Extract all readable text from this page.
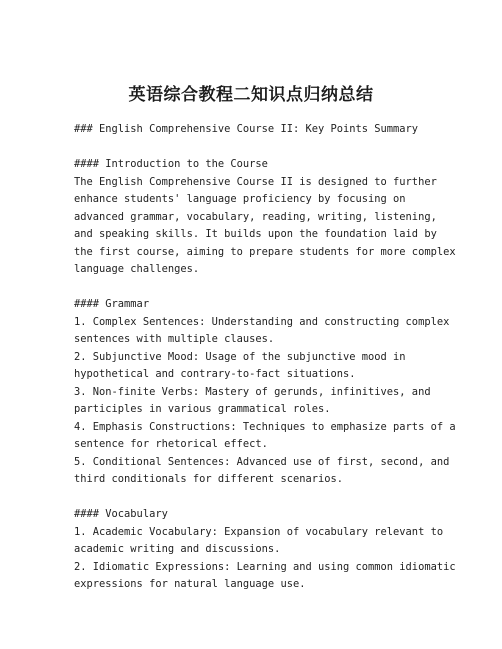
英语综合教程二知识点归纳总结
### English Comprehensive Course II: Key Points Summary
#### Introduction to the Course
The English Comprehensive Course II is designed to further
enhance students' language proficiency by focusing on
advanced grammar, vocabulary, reading, writing, listening,
and speaking skills. It builds upon the foundation laid by
the first course, aiming to prepare students for more complex
language challenges.
#### Grammar
1. Complex Sentences: Understanding and constructing complex
sentences with multiple clauses.
2. Subjunctive Mood: Usage of the subjunctive mood in
hypothetical and contrary-to-fact situations.
3. Non-finite Verbs: Mastery of gerunds, infinitives, and
participles in various grammatical roles.
4. Emphasis Constructions: Techniques to emphasize parts of a
sentence for rhetorical effect.
5. Conditional Sentences: Advanced use of first, second, and
third conditionals for different scenarios.
#### Vocabulary
1. Academic Vocabulary: Expansion of vocabulary relevant to
academic writing and discussions.
2. Idiomatic Expressions: Learning and using common idiomatic
expressions for natural language use.
